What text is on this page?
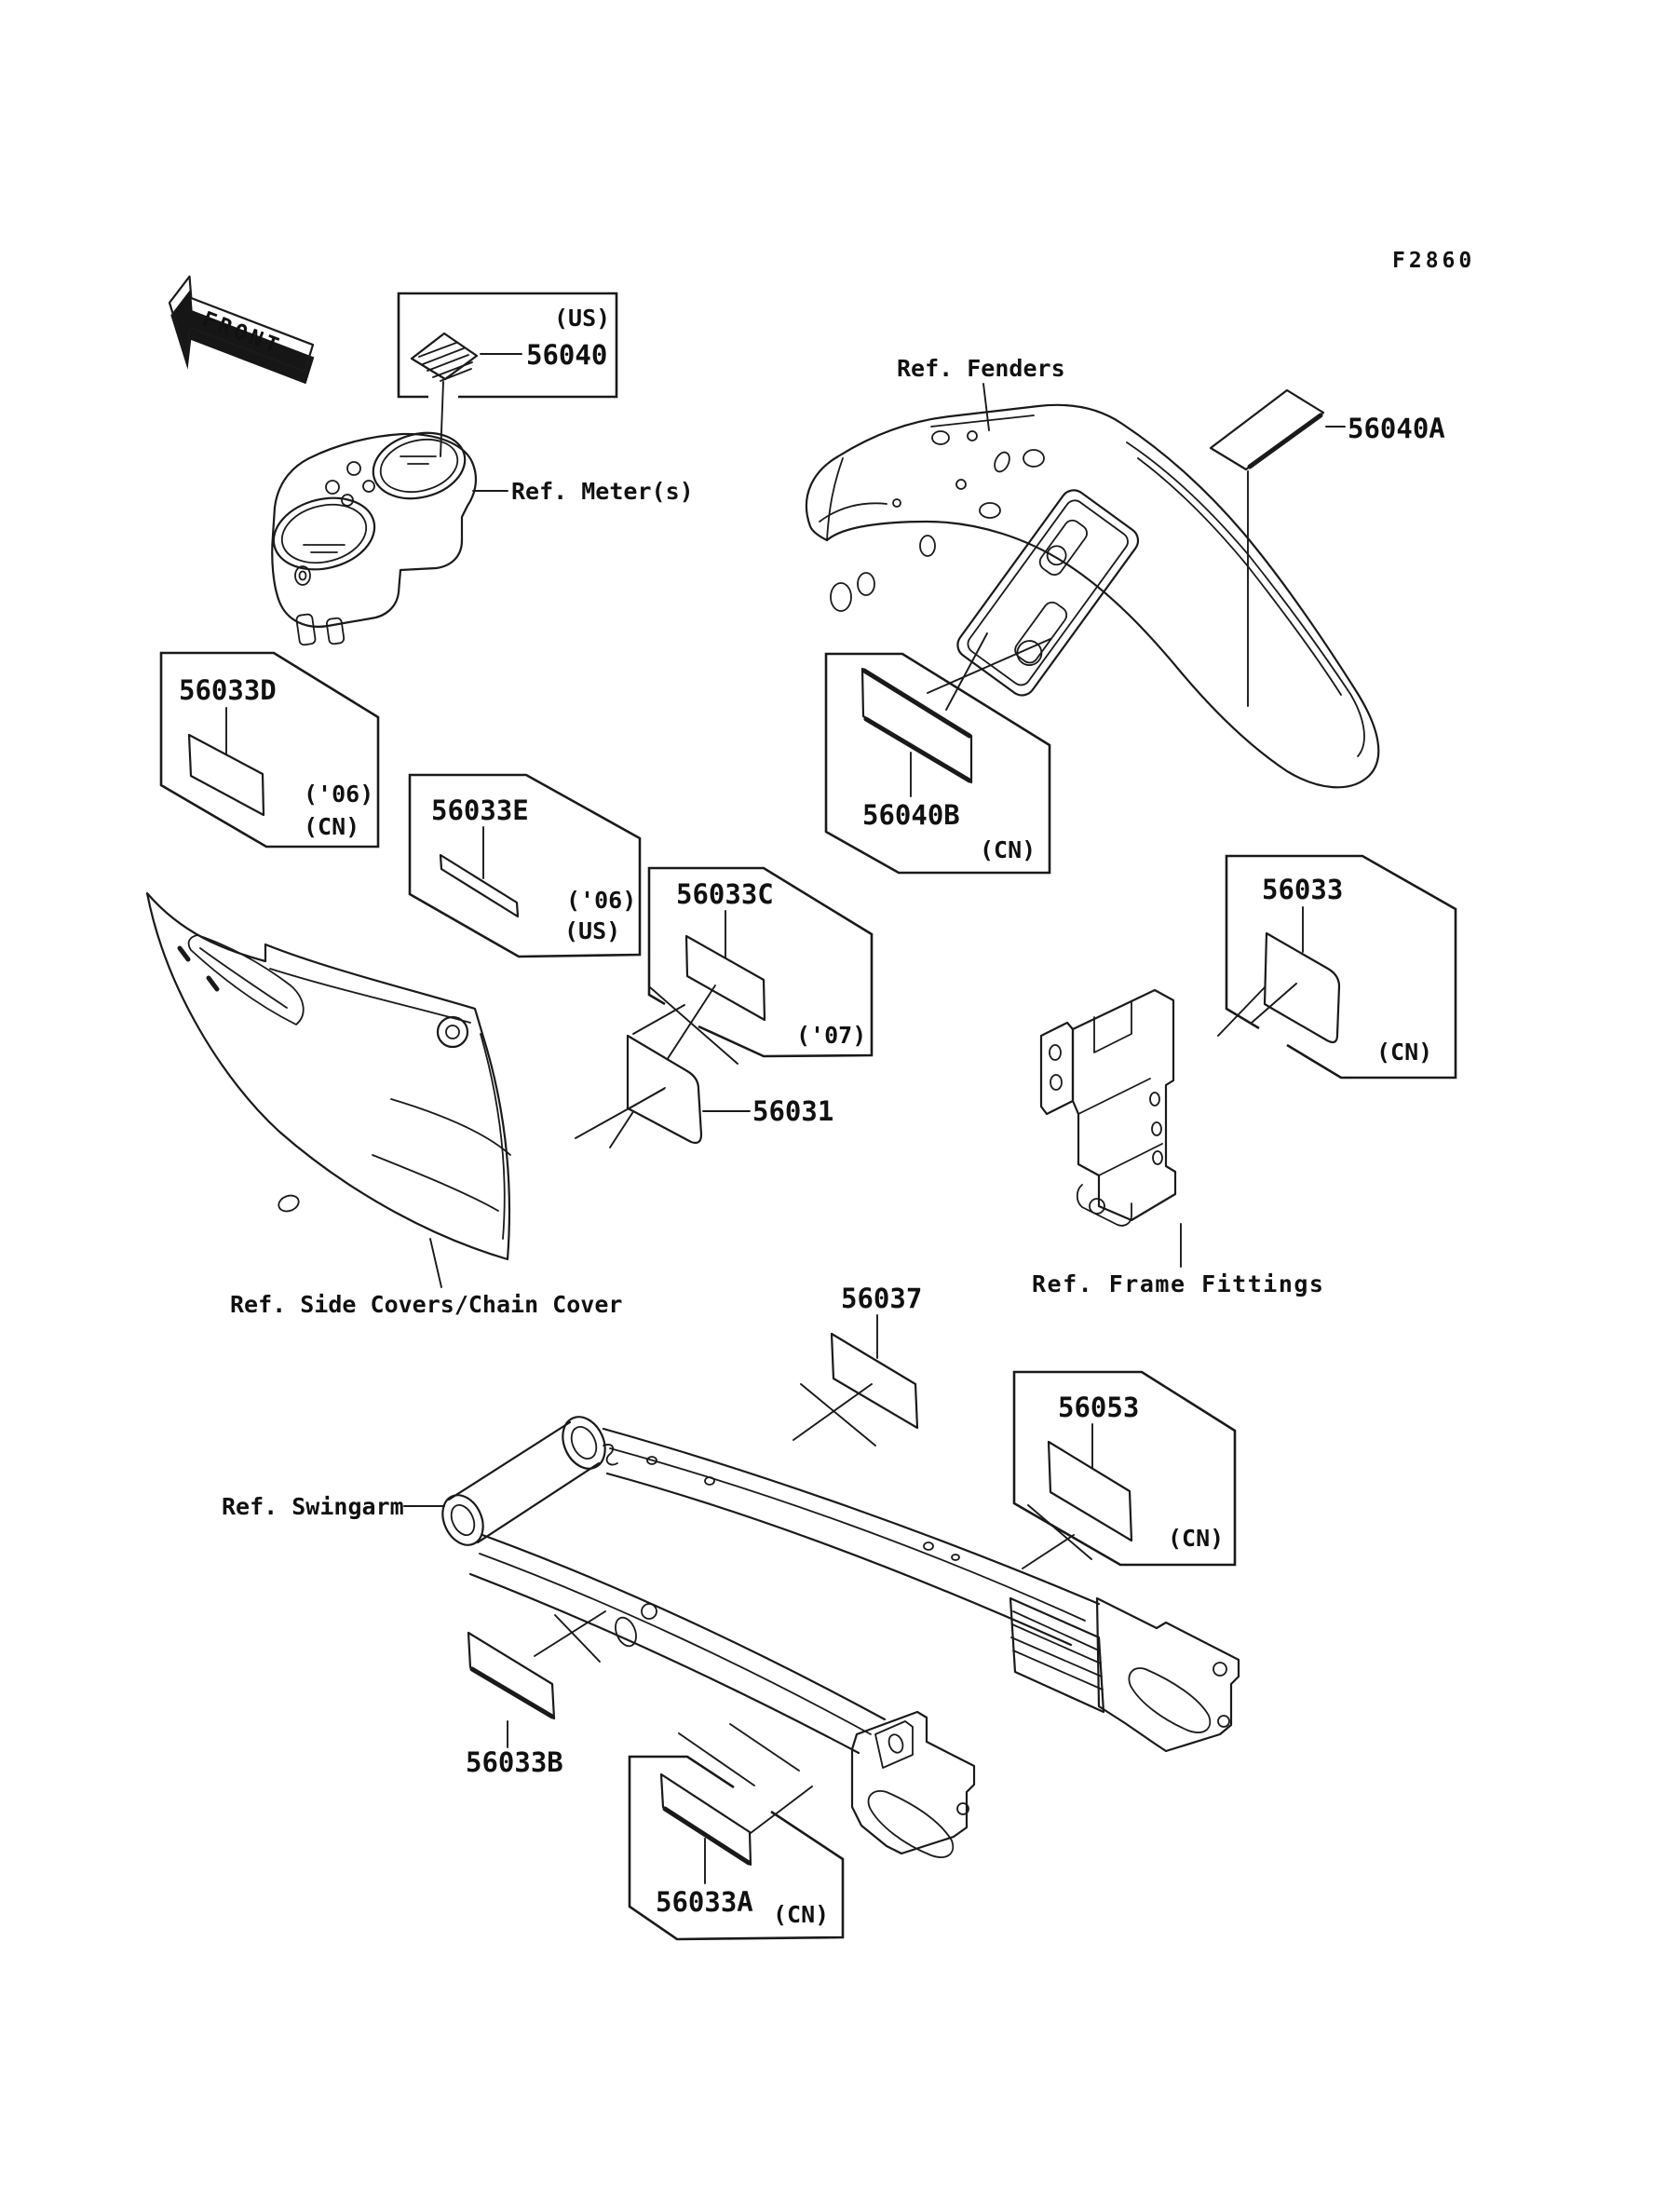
F2860
FRONT	(US)
56040
56040A
56040B
(CN)
56033D
('06)
(CN)
56033E
('06)
(US)
56033C
('07)
56031
56033
(CN)
56037
56053
(CN)
56033B
56033A (CN)
Ref. Meter(s)
Ref. Fenders
Ref. Side Covers/Chain Cover
Ref. Frame Fittings
Ref. Swingarm
